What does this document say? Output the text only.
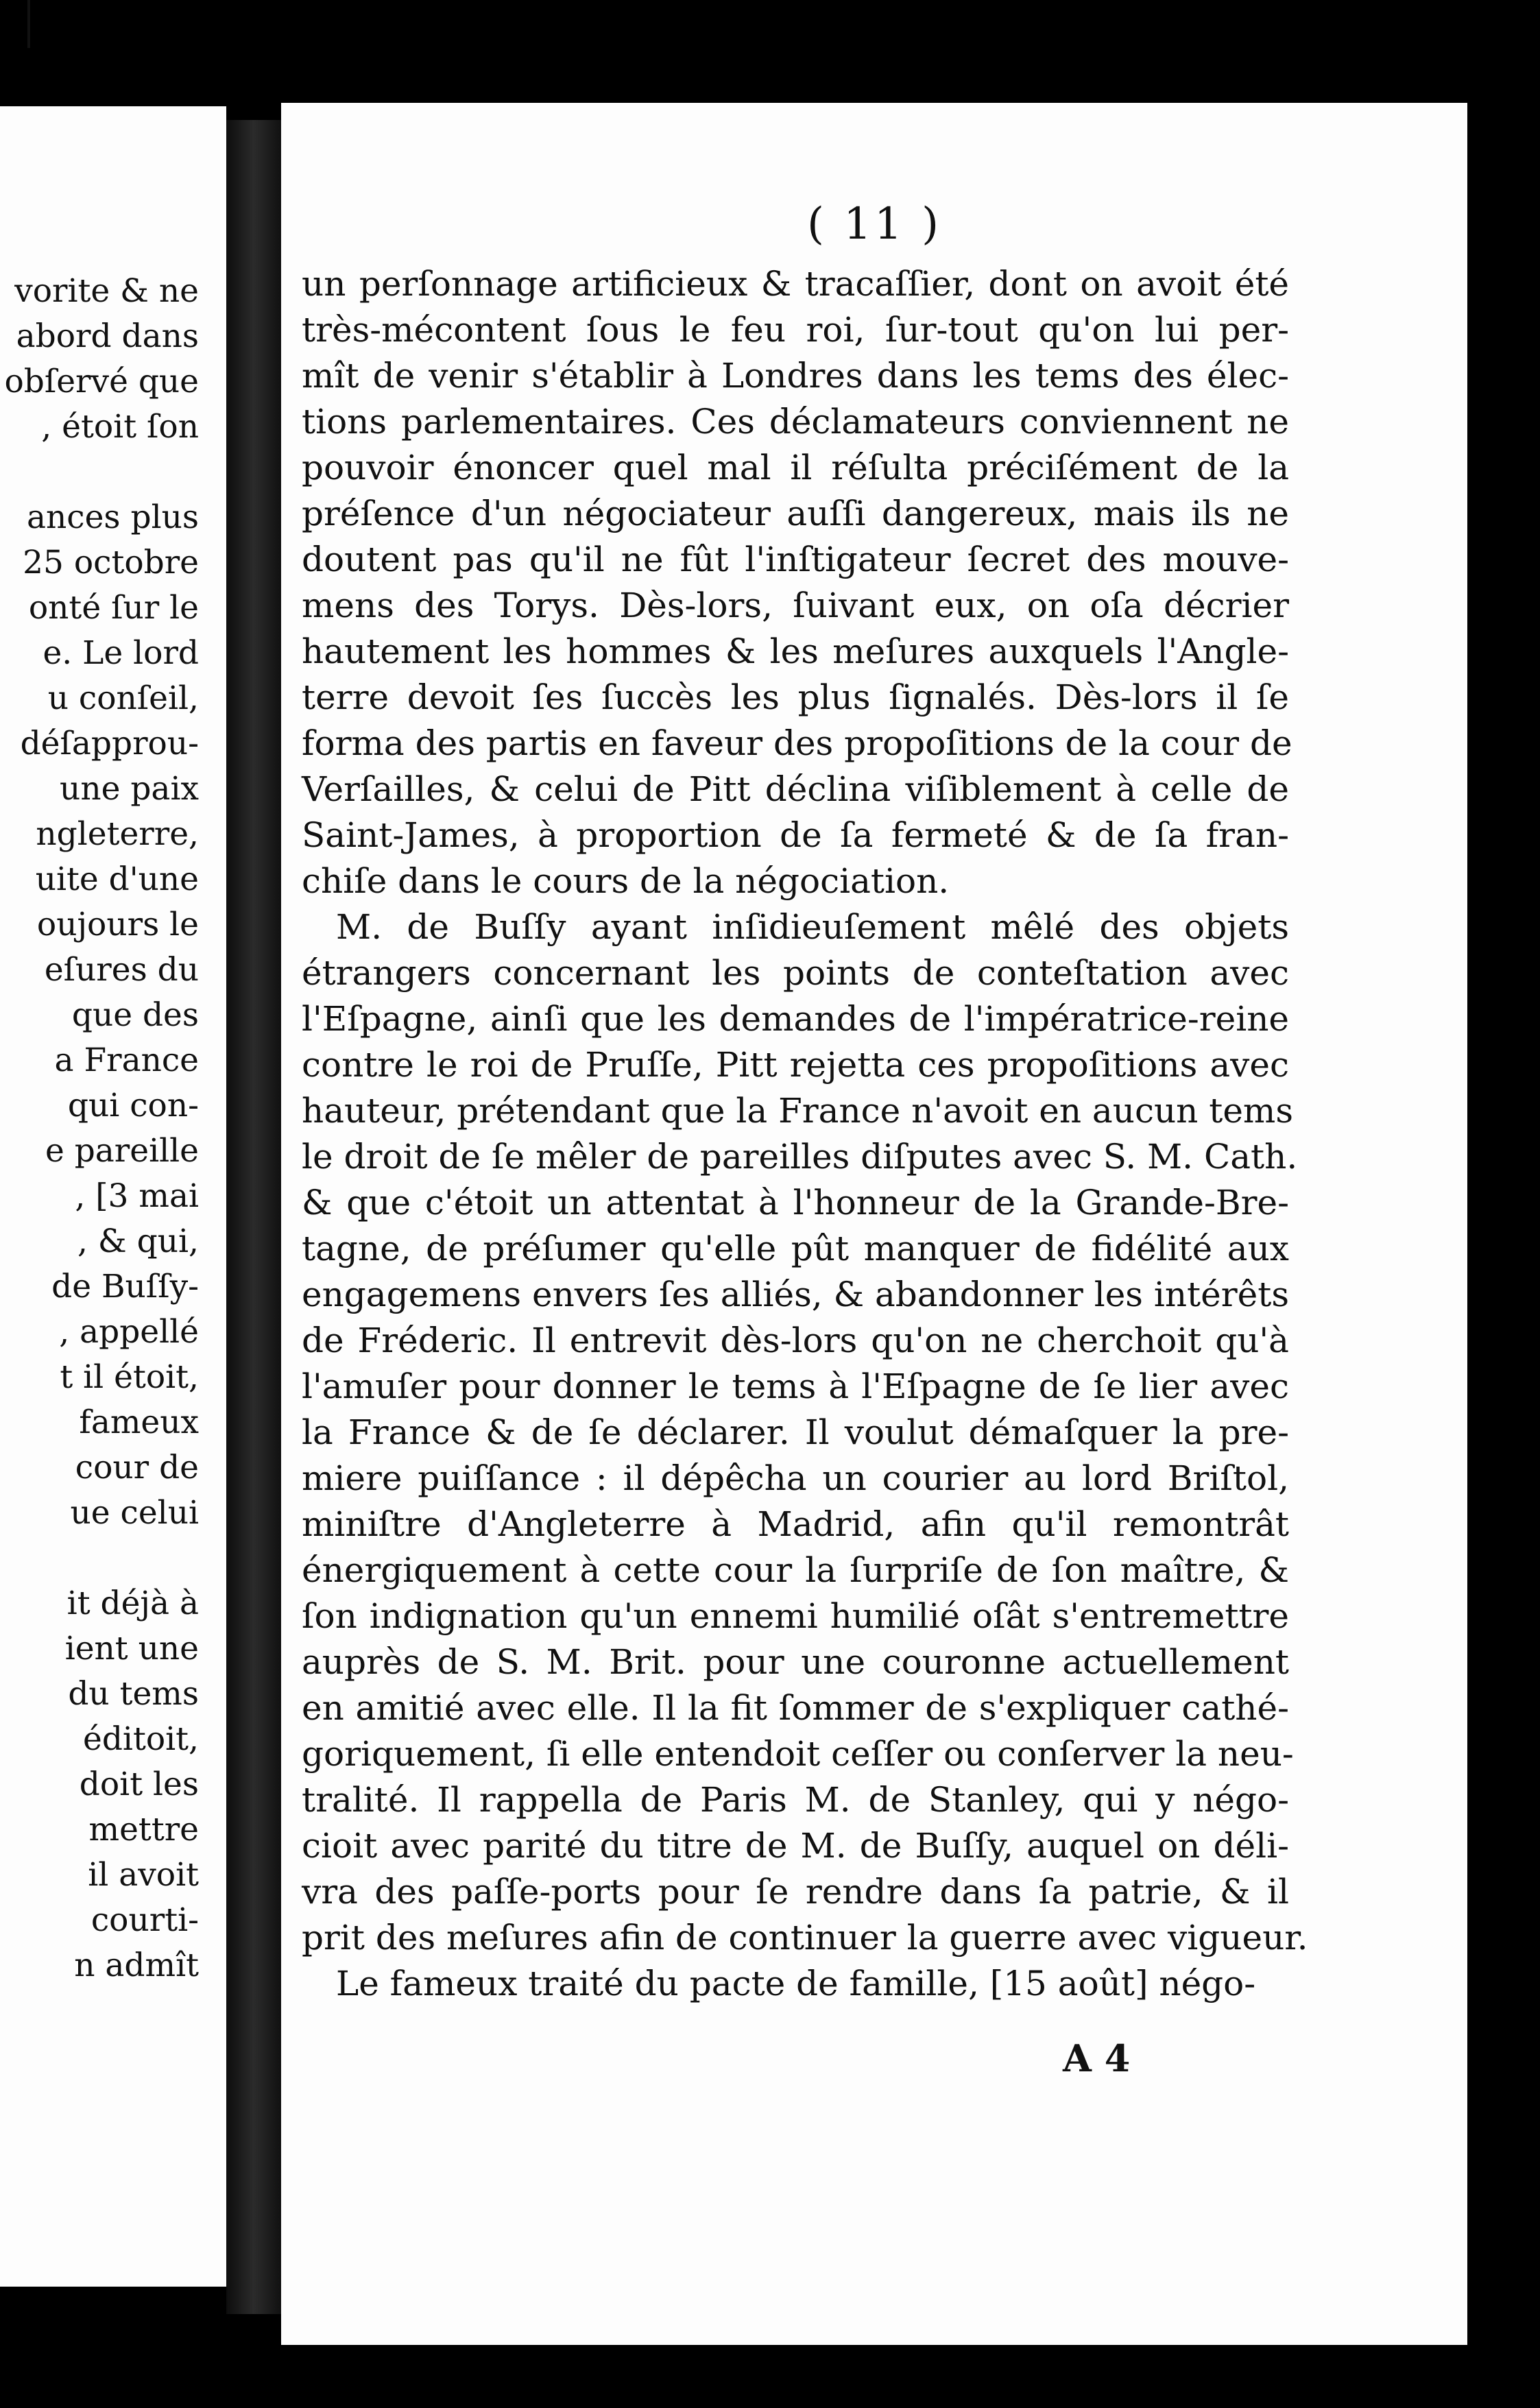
vorite & ne
abord dans
obſervé que
, étoit ſon
ances plus
25 octobre
onté ſur le
e. Le lord
u conſeil,
déſapprou-
une paix
ngleterre,
uite d'une
oujours le
eſures du
que des
a France
qui con-
e pareille
, [3 mai
, & qui,
de Buſſy-
, appellé
t il étoit,
fameux
cour de
ue celui
it déjà à
ient une
du tems
éditoit,
doit les
mettre
il avoit
courti-
n admît
( 11 )
A 4
un perſonnage artificieux & tracaſſier, dont on avoit été
très-mécontent ſous le feu roi, ſur-tout qu'on lui per-
mît de venir s'établir à Londres dans les tems des élec-
tions parlementaires. Ces déclamateurs conviennent ne
pouvoir énoncer quel mal il réſulta préciſément de la
préſence d'un négociateur auſſi dangereux, mais ils ne
doutent pas qu'il ne fût l'inſtigateur ſecret des mouve-
mens des Torys. Dès-lors, ſuivant eux, on oſa décrier
hautement les hommes & les meſures auxquels l'Angle-
terre devoit ſes ſuccès les plus ſignalés. Dès-lors il ſe
forma des partis en faveur des propoſitions de la cour de
Verſailles, & celui de Pitt déclina viſiblement à celle de
Saint-James, à proportion de ſa fermeté & de ſa fran-
chiſe dans le cours de la négociation.
M. de Buſſy ayant inſidieuſement mêlé des objets
étrangers concernant les points de conteſtation avec
l'Eſpagne, ainſi que les demandes de l'impératrice-reine
contre le roi de Pruſſe, Pitt rejetta ces propoſitions avec
hauteur, prétendant que la France n'avoit en aucun tems
le droit de ſe mêler de pareilles diſputes avec S. M. Cath.
& que c'étoit un attentat à l'honneur de la Grande-Bre-
tagne, de préſumer qu'elle pût manquer de fidélité aux
engagemens envers ſes alliés, & abandonner les intérêts
de Fréderic. Il entrevit dès-lors qu'on ne cherchoit qu'à
l'amuſer pour donner le tems à l'Eſpagne de ſe lier avec
la France & de ſe déclarer. Il voulut démaſquer la pre-
miere puiſſance : il dépêcha un courier au lord Briſtol,
miniſtre d'Angleterre à Madrid, afin qu'il remontrât
énergiquement à cette cour la ſurpriſe de ſon maître, &
ſon indignation qu'un ennemi humilié oſât s'entremettre
auprès de S. M. Brit. pour une couronne actuellement
en amitié avec elle. Il la fit ſommer de s'expliquer cathé-
goriquement, ſi elle entendoit ceſſer ou conſerver la neu-
tralité. Il rappella de Paris M. de Stanley, qui y négo-
cioit avec parité du titre de M. de Buſſy, auquel on déli-
vra des paſſe-ports pour ſe rendre dans ſa patrie, & il
prit des meſures afin de continuer la guerre avec vigueur.
Le fameux traité du pacte de famille, [15 août] négo-
